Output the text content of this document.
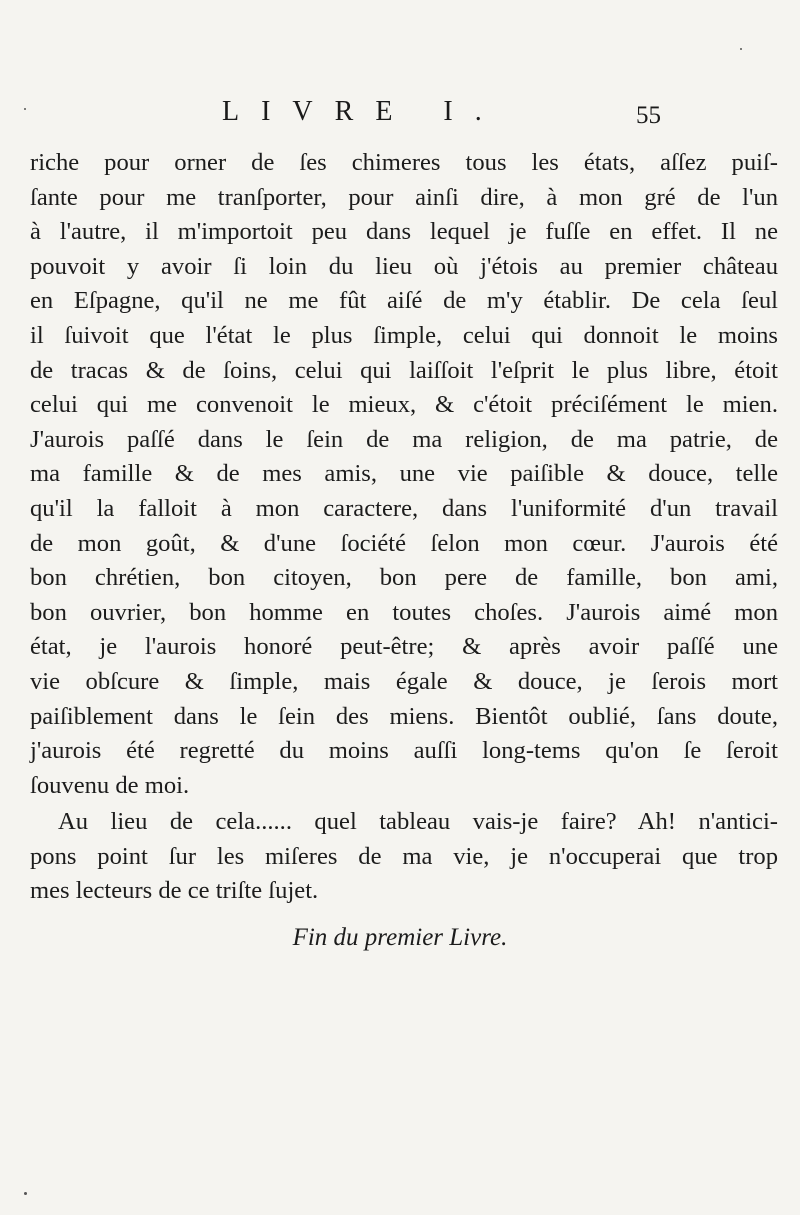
LIVRE I.	55
riche pour orner de ſes chimeres tous les états, aſſez puiſ-
ſante pour me tranſporter, pour ainſi dire, à mon gré de l'un
à l'autre, il m'importoit peu dans lequel je fuſſe en effet. Il ne
pouvoit y avoir ſi loin du lieu où j'étois au premier château
en Eſpagne, qu'il ne me fût aiſé de m'y établir. De cela ſeul
il ſuivoit que l'état le plus ſimple, celui qui donnoit le moins
de tracas & de ſoins, celui qui laiſſoit l'eſprit le plus libre, étoit
celui qui me convenoit le mieux, & c'étoit préciſément le mien.
J'aurois paſſé dans le ſein de ma religion, de ma patrie, de
ma famille & de mes amis, une vie paiſible & douce, telle
qu'il la falloit à mon caractere, dans l'uniformité d'un travail
de mon goût, & d'une ſociété ſelon mon cœur. J'aurois été
bon chrétien, bon citoyen, bon pere de famille, bon ami,
bon ouvrier, bon homme en toutes choſes. J'aurois aimé mon
état, je l'aurois honoré peut-être; & après avoir paſſé une
vie obſcure & ſimple, mais égale & douce, je ſerois mort
paiſiblement dans le ſein des miens. Bientôt oublié, ſans doute,
j'aurois été regretté du moins auſſi long-tems qu'on ſe ſeroit
ſouvenu de moi.
Au lieu de cela...... quel tableau vais-je faire? Ah! n'antici-
pons point ſur les miſeres de ma vie, je n'occuperai que trop
mes lecteurs de ce triſte ſujet.
Fin du premier Livre.
